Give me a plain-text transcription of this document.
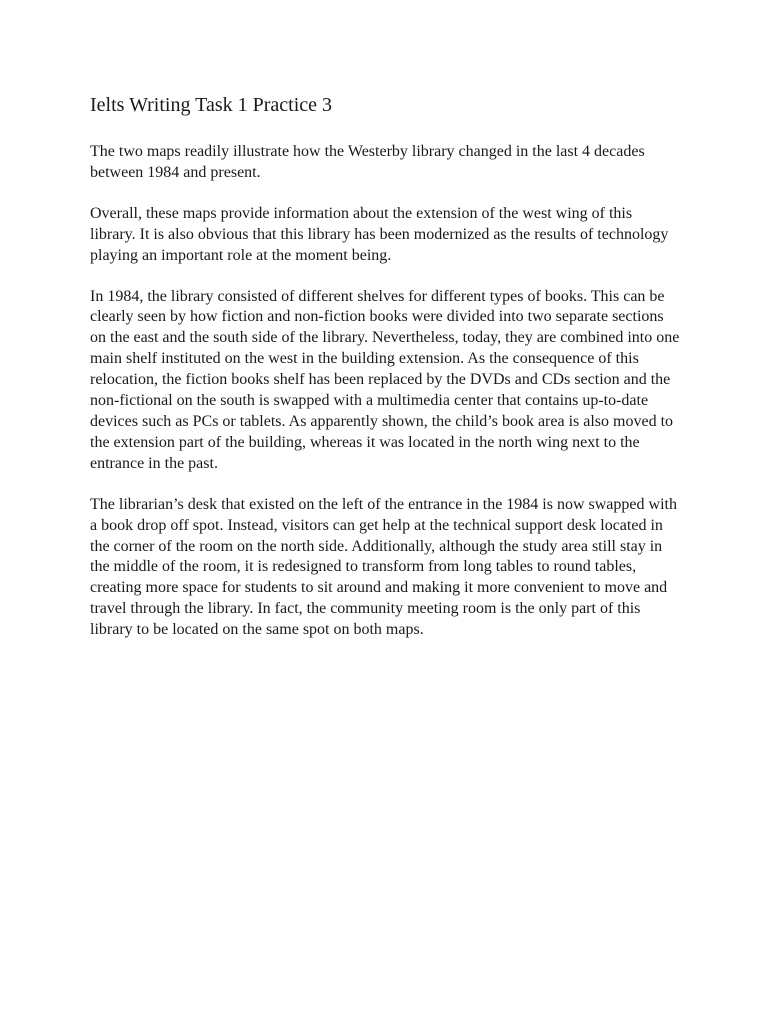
Ielts Writing Task 1 Practice 3

The two maps readily illustrate how the Westerby library changed in the last 4 decades between 1984 and present.

Overall, these maps provide information about the extension of the west wing of this library. It is also obvious that this library has been modernized as the results of technology playing an important role at the moment being.

In 1984, the library consisted of different shelves for different types of books. This can be clearly seen by how fiction and non-fiction books were divided into two separate sections on the east and the south side of the library. Nevertheless, today, they are combined into one main shelf instituted on the west in the building extension. As the consequence of this relocation, the fiction books shelf has been replaced by the DVDs and CDs section and the non-fictional on the south is swapped with a multimedia center that contains up-to-date devices such as PCs or tablets. As apparently shown, the child’s book area is also moved to the extension part of the building, whereas it was located in the north wing next to the entrance in the past.

The librarian’s desk that existed on the left of the entrance in the 1984 is now swapped with a book drop off spot. Instead, visitors can get help at the technical support desk located in the corner of the room on the north side. Additionally, although the study area still stay in the middle of the room, it is redesigned to transform from long tables to round tables, creating more space for students to sit around and making it more convenient to move and travel through the library. In fact, the community meeting room is the only part of this library to be located on the same spot on both maps.
